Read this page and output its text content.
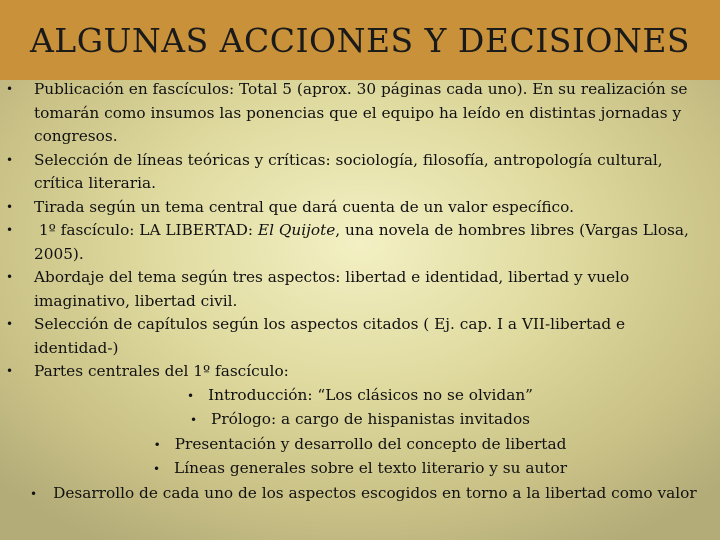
ALGUNAS ACCIONES Y DECISIONES
• Publicación en fascículos: Total 5 (aprox. 30 páginas cada uno). En su realización se tomarán como insumos las ponencias que el equipo ha leído en distintas jornadas y congresos.
• Selección de líneas teóricas y críticas: sociología, filosofía, antropología cultural, crítica literaria.
• Tirada según un tema central que dará cuenta de un valor específico.
• 1º fascículo: LA LIBERTAD: El Quijote, una novela de hombres libres (Vargas Llosa, 2005).
• Abordaje del tema según tres aspectos: libertad e identidad, libertad y vuelo imaginativo, libertad civil.
• Selección de capítulos según los aspectos citados ( Ej. cap. I a VII-libertad e identidad-)
• Partes centrales del 1º fascículo:
• Introducción: “Los clásicos no se olvidan”
• Prólogo: a cargo de hispanistas invitados
• Presentación y desarrollo del concepto de libertad
• Líneas generales sobre el texto literario y su autor
• Desarrollo de cada uno de los aspectos escogidos en torno a la libertad como valor
